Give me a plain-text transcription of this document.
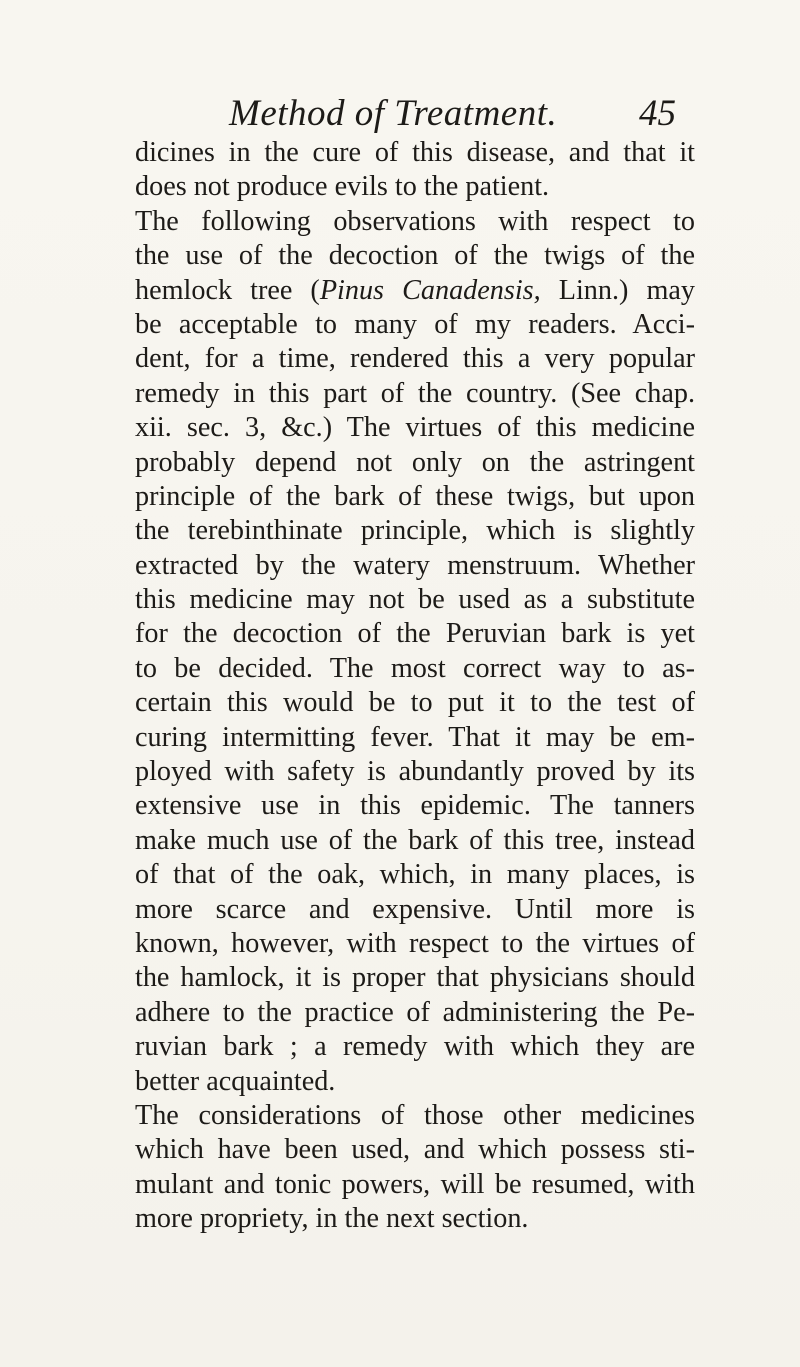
Method of Treatment. 45
dicines in the cure of this disease, and that it
does not produce evils to the patient.
The following observations with respect to
the use of the decoction of the twigs of the
hemlock tree (Pinus Canadensis, Linn.) may
be acceptable to many of my readers. Acci-
dent, for a time, rendered this a very popular
remedy in this part of the country. (See chap.
xii. sec. 3, &c.) The virtues of this medicine
probably depend not only on the astringent
principle of the bark of these twigs, but upon
the terebinthinate principle, which is slightly
extracted by the watery menstruum. Whether
this medicine may not be used as a substitute
for the decoction of the Peruvian bark is yet
to be decided. The most correct way to as-
certain this would be to put it to the test of
curing intermitting fever. That it may be em-
ployed with safety is abundantly proved by its
extensive use in this epidemic. The tanners
make much use of the bark of this tree, instead
of that of the oak, which, in many places, is
more scarce and expensive. Until more is
known, however, with respect to the virtues of
the hamlock, it is proper that physicians should
adhere to the practice of administering the Pe-
ruvian bark ; a remedy with which they are
better acquainted.
The considerations of those other medicines
which have been used, and which possess sti-
mulant and tonic powers, will be resumed, with
more propriety, in the next section.
